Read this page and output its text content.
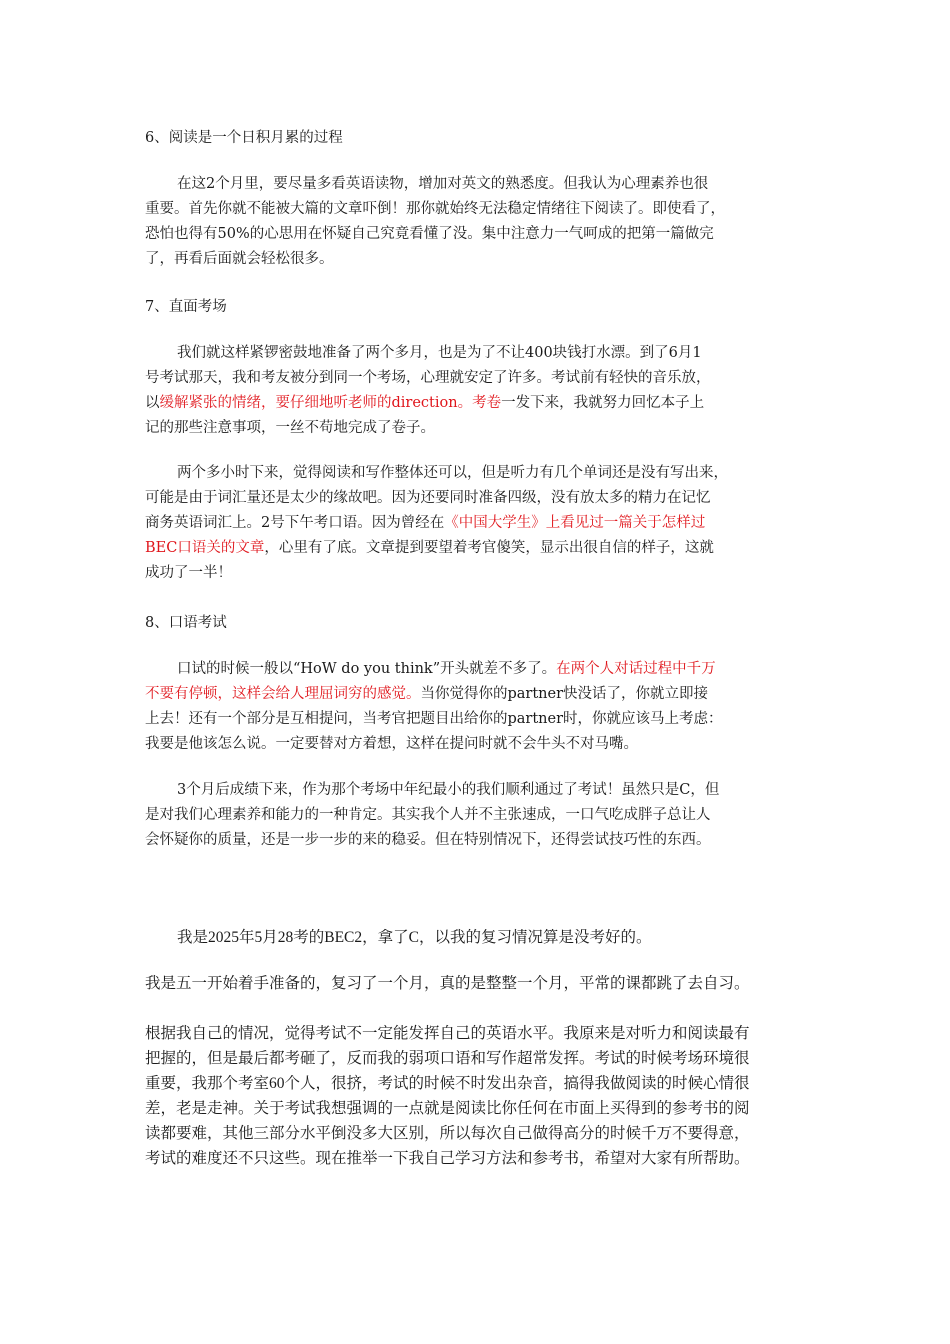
6、阅读是一个日积月累的过程
在这2个月里，要尽量多看英语读物，增加对英文的熟悉度。但我认为心理素养也很
重要。首先你就不能被大篇的文章吓倒！那你就始终无法稳定情绪往下阅读了。即使看了，
恐怕也得有50%的心思用在怀疑自己究竟看懂了没。集中注意力一气呵成的把第一篇做完
了，再看后面就会轻松很多。
7、直面考场
我们就这样紧锣密鼓地准备了两个多月，也是为了不让400块钱打水漂。到了6月1
号考试那天，我和考友被分到同一个考场，心理就安定了许多。考试前有轻快的音乐放，
以缓解紧张的情绪，要仔细地听老师的direction。考卷一发下来，我就努力回忆本子上
记的那些注意事项，一丝不苟地完成了卷子。
两个多小时下来，觉得阅读和写作整体还可以，但是听力有几个单词还是没有写出来，
可能是由于词汇量还是太少的缘故吧。因为还要同时准备四级，没有放太多的精力在记忆
商务英语词汇上。2号下午考口语。因为曾经在《中国大学生》上看见过一篇关于怎样过
BEC口语关的文章，心里有了底。文章提到要望着考官傻笑，显示出很自信的样子，这就
成功了一半！
8、口语考试
口试的时候一般以“HoW do you think”开头就差不多了。在两个人对话过程中千万
不要有停顿，这样会给人理屈词穷的感觉。当你觉得你的partner快没话了，你就立即接
上去！还有一个部分是互相提问，当考官把题目出给你的partner时，你就应该马上考虑：
我要是他该怎么说。一定要替对方着想，这样在提问时就不会牛头不对马嘴。
3个月后成绩下来，作为那个考场中年纪最小的我们顺利通过了考试！虽然只是C，但
是对我们心理素养和能力的一种肯定。其实我个人并不主张速成，一口气吃成胖子总让人
会怀疑你的质量，还是一步一步的来的稳妥。但在特别情况下，还得尝试技巧性的东西。
我是2025年5月28考的BEC2，拿了C，以我的复习情况算是没考好的。
我是五一开始着手准备的，复习了一个月，真的是整整一个月，平常的课都跳了去自习。
根据我自己的情况，觉得考试不一定能发挥自己的英语水平。我原来是对听力和阅读最有
把握的，但是最后都考砸了，反而我的弱项口语和写作超常发挥。考试的时候考场环境很
重要，我那个考室60个人，很挤，考试的时候不时发出杂音，搞得我做阅读的时候心情很
差，老是走神。关于考试我想强调的一点就是阅读比你任何在市面上买得到的参考书的阅
读都要难，其他三部分水平倒没多大区别，所以每次自己做得高分的时候千万不要得意，
考试的难度还不只这些。现在推举一下我自己学习方法和参考书，希望对大家有所帮助。
